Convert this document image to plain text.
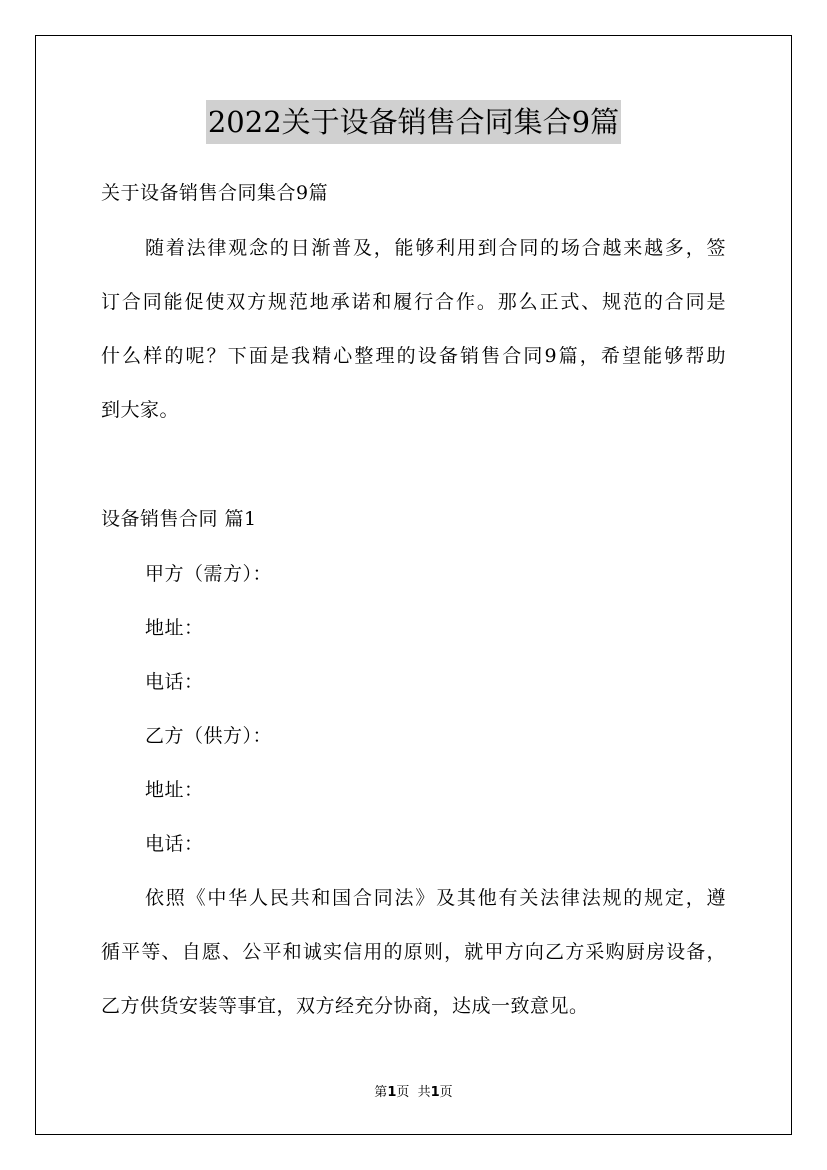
2022关于设备销售合同集合9篇
关于设备销售合同集合9篇
随着法律观念的日渐普及，能够利用到合同的场合越来越多，签
订合同能促使双方规范地承诺和履行合作。那么正式、规范的合同是
什么样的呢？下面是我精心整理的设备销售合同9篇，希望能够帮助
到大家。
设备销售合同 篇1
甲方（需方）：
地址：
电话：
乙方（供方）：
地址：
电话：
依照《中华人民共和国合同法》及其他有关法律法规的规定，遵
循平等、自愿、公平和诚实信用的原则，就甲方向乙方采购厨房设备，
乙方供货安装等事宜，双方经充分协商，达成一致意见。
第1页  共1页
